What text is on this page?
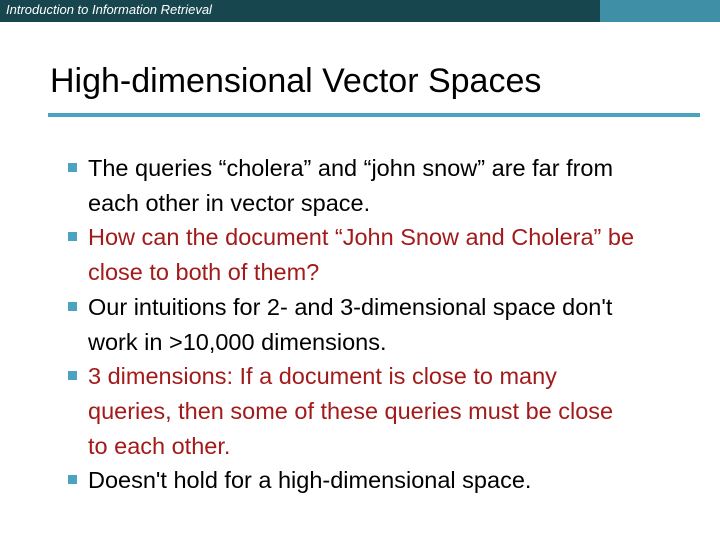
Introduction to Information Retrieval
High-dimensional Vector Spaces
The queries “cholera” and “john snow” are far from
each other in vector space.
How can the document “John Snow and Cholera” be
close to both of them?
Our intuitions for 2- and 3-dimensional space don't
work in >10,000 dimensions.
3 dimensions: If a document is close to many
queries, then some of these queries must be close
to each other.
Doesn't hold for a high-dimensional space.
